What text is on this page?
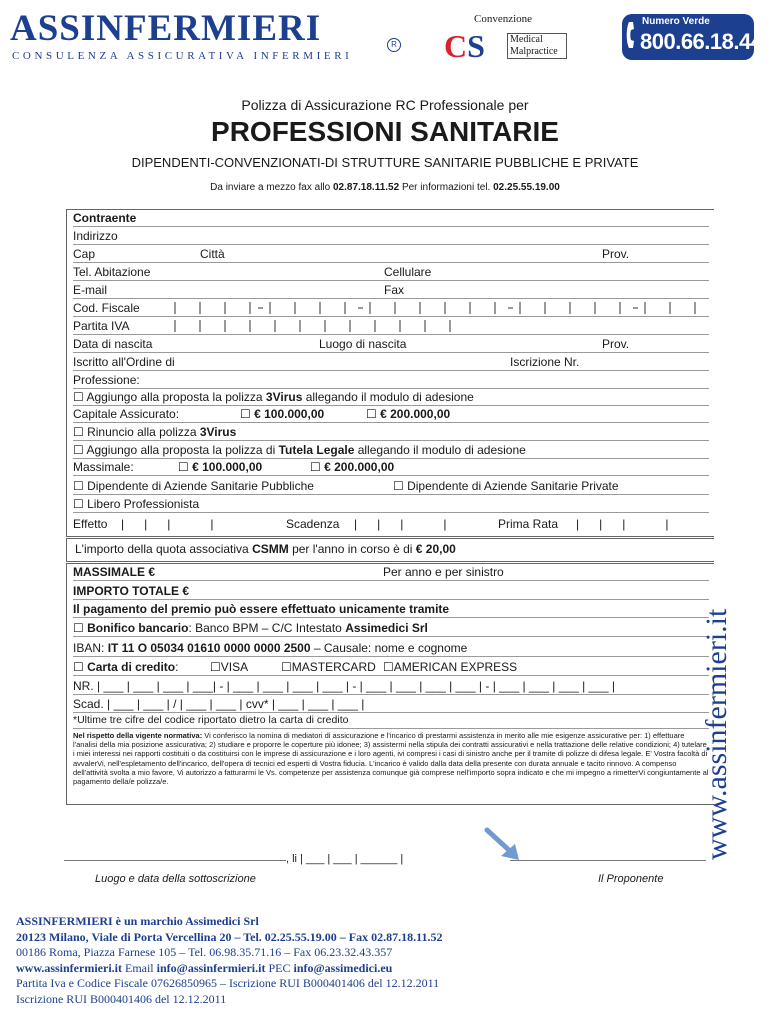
ASSINFERMIERI	R
CONSULENZA ASSICURATIVA INFERMIERI
Convenzione
CS	Medical
Malpractice
Numero Verde
800.66.18.44
Polizza di Assicurazione RC Professionale per
PROFESSIONI SANITARIE
DIPENDENTI-CONVENZIONATI-DI STRUTTURE SANITARIE PUBBLICHE E PRIVATE
Da inviare a mezzo fax allo 02.87.18.11.52 Per informazioni tel. 02.25.55.19.00
Contraente
Indirizzo
Cap	Città	Prov.
Tel. Abitazione	Cellulare
E-mail	Fax
Cod. Fiscale
Partita IVA
Data di nascita	Luogo di nascita	Prov.
Iscritto all'Ordine di	Iscrizione Nr.
Professione:
☐ Aggiungo alla proposta la polizza 3Virus allegando il modulo di adesione
Capitale Assicurato:	☐ € 100.000,00	☐ € 200.000,00
☐ Rinuncio alla polizza 3Virus
☐ Aggiungo alla proposta la polizza di Tutela Legale allegando il modulo di adesione
Massimale:	☐ € 100.000,00	☐ € 200.000,00
☐ Dipendente di Aziende Sanitarie Pubbliche	☐ Dipendente di Aziende Sanitarie Private
☐ Libero Professionista
Effetto |      |      |            |	Scadenza |      |      |            |	Prima Rata |      |      |            |
L'importo della quota associativa CSMM per l'anno in corso è di € 20,00
MASSIMALE €	Per anno e per sinistro
IMPORTO TOTALE €
Il pagamento del premio può essere effettuato unicamente tramite
☐ Bonifico bancario: Banco BPM – C/C Intestato Assimedici Srl
IBAN: IT 11 O 05034 01610 0000 0000 2500 – Causale: nome e cognome
☐ Carta di credito:	☐VISA	☐MASTERCARD ☐AMERICAN EXPRESS
NR. | ___ | ___ | ___ | ___| - | ___ | ___ | ___ | ___ | - | ___ | ___ | ___ | ___ | - | ___ | ___ | ___ | ___ |
Scad. | ___ | ___ | / | ___ | ___ | cvv* | ___ | ___ | ___ |
*Ultime tre cifre del codice riportato dietro la carta di credito
Nel rispetto della vigente normativa: Vi conferisco la nomina di mediatori di assicurazione e l'incarico di prestarmi assistenza in merito alle mie esigenze assicurative per: 1) effettuare l'analisi della mia posizione assicurativa; 2) studiare e proporre le coperture più idonee; 3) assistermi nella stipula dei contratti assicurativi e nella trattazione delle relative condizioni; 4) tutelare i miei interessi nei rapporti costituiti o da costituirsi con le imprese di assicurazione e i loro agenti, ivi compresi i casi di sinistro anche per il tramite di polizze di difesa legale. E' Vostra facoltà di avvalerVi, nell'espletamento dell'incarico, dell'opera di tecnici ed esperti di Vostra fiducia. L'incarico è valido dalla data della presente con durata annuale e tacito rinnovo. A compenso dell'attività svolta a mio favore, Vi autorizzo a fatturarmi le Vs. competenze per assistenza comunque già comprese nell'importo sopra indicato e che mi impegno a rimetterVi congiuntamente al pagamento della/e polizza/e.
, li | ___ | ___ | ______ |
Luogo e data della sottoscrizione	Il Proponente
www.assinfermieri.it
ASSINFERMIERI è un marchio Assimedici Srl
20123 Milano, Viale di Porta Vercellina 20 – Tel. 02.25.55.19.00 – Fax 02.87.18.11.52
00186 Roma, Piazza Farnese 105 – Tel. 06.98.35.71.16 – Fax 06.23.32.43.357
www.assinfermieri.it Email info@assinfermieri.it PEC info@assimedici.eu
Partita Iva e Codice Fiscale 07626850965 – Iscrizione RUI B000401406 del 12.12.2011
Iscrizione RUI B000401406 del 12.12.2011
